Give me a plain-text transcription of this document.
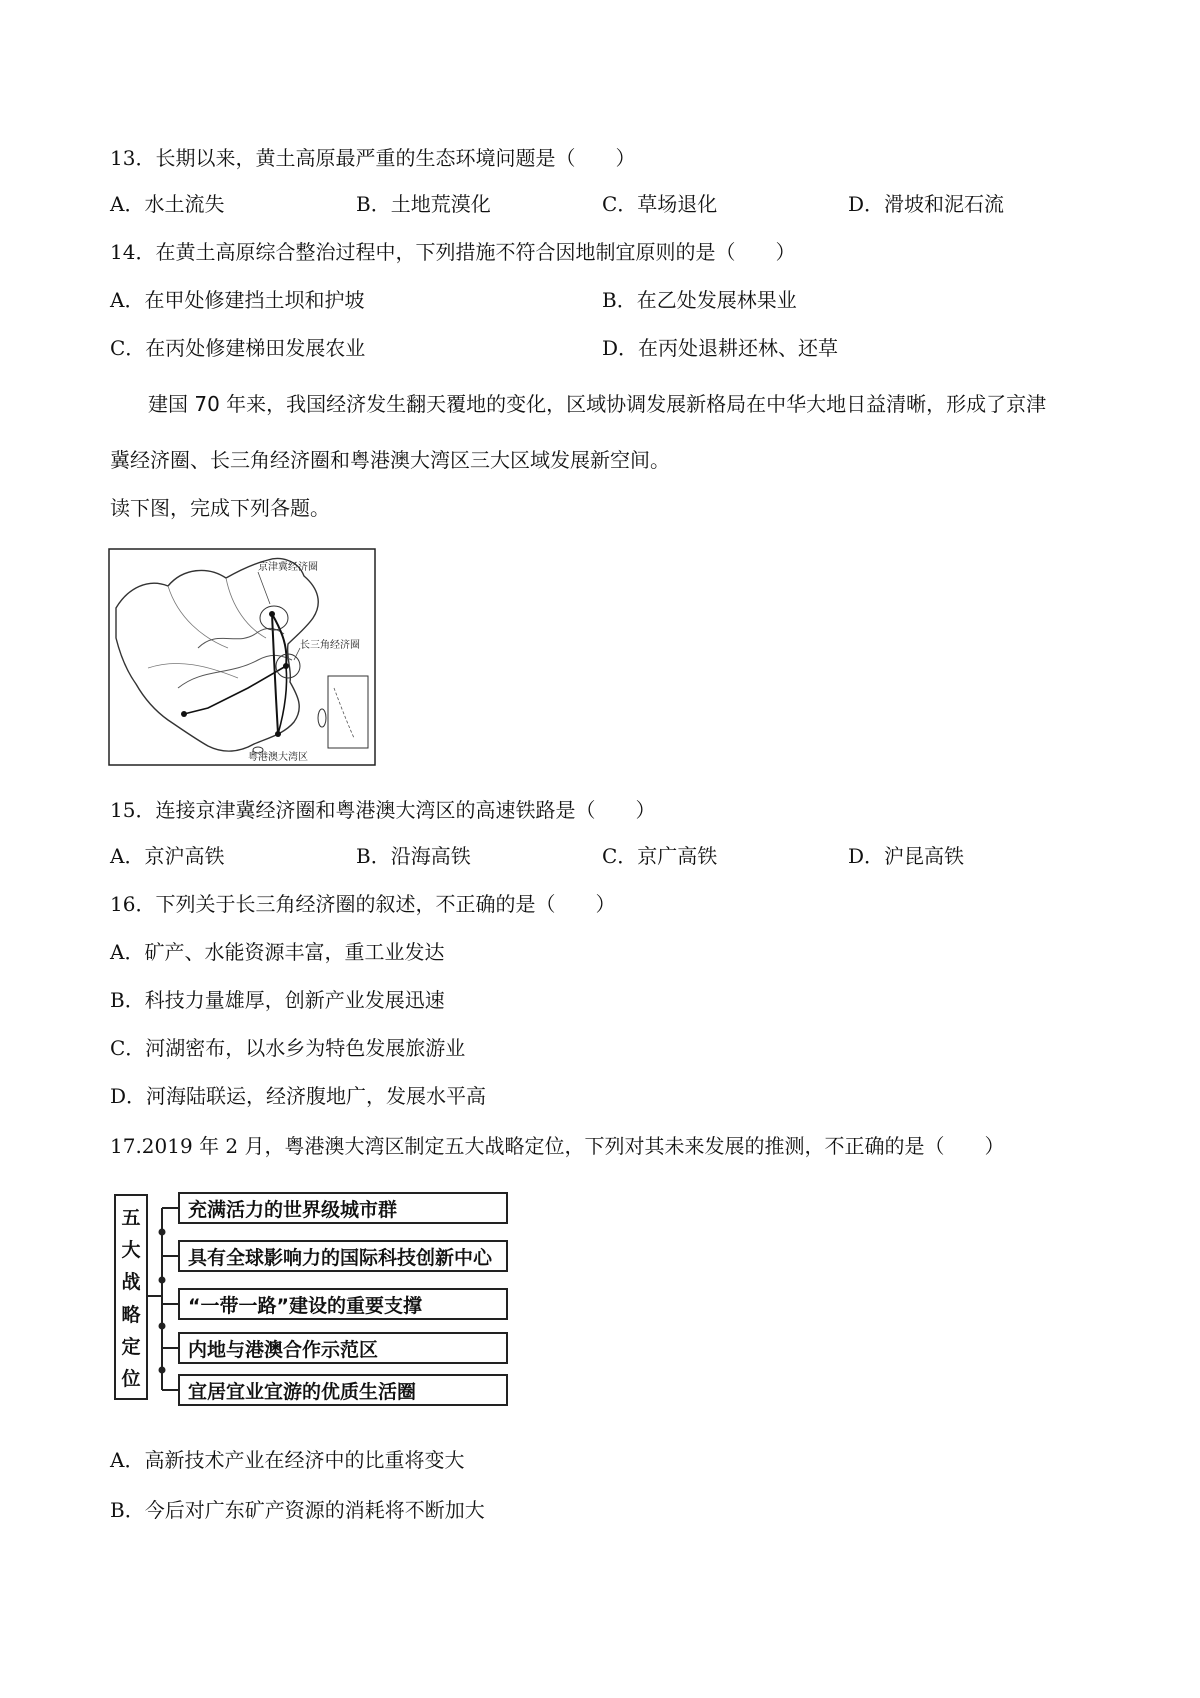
13．长期以来，黄土高原最严重的生态环境问题是（　　）
A．水土流失	B．土地荒漠化	C．草场退化	D．滑坡和泥石流
14．在黄土高原综合整治过程中，下列措施不符合因地制宜原则的是（　　）
A．在甲处修建挡土坝和护坡	B．在乙处发展林果业
C．在丙处修建梯田发展农业	D．在丙处退耕还林、还草
建国 70 年来，我国经济发生翻天覆地的变化，区域协调发展新格局在中华大地日益清晰，形成了京津
冀经济圈、长三角经济圈和粤港澳大湾区三大区域发展新空间。
读下图，完成下列各题。
京津冀经济圈
长三角经济圈
粤港澳大湾区
15．连接京津冀经济圈和粤港澳大湾区的高速铁路是（　　）
A．京沪高铁	B．沿海高铁	C．京广高铁	D．沪昆高铁
16．下列关于长三角经济圈的叙述，不正确的是（　　）
A．矿产、水能资源丰富，重工业发达
B．科技力量雄厚，创新产业发展迅速
C．河湖密布，以水乡为特色发展旅游业
D．河海陆联运，经济腹地广，发展水平高
17.2019 年 2 月，粤港澳大湾区制定五大战略定位，下列对其未来发展的推测，不正确的是（　　）
五
大
战
略
定
位
充满活力的世界级城市群
具有全球影响力的国际科技创新中心
“一带一路”建设的重要支撑
内地与港澳合作示范区
宜居宜业宜游的优质生活圈
A．高新技术产业在经济中的比重将变大
B．今后对广东矿产资源的消耗将不断加大
